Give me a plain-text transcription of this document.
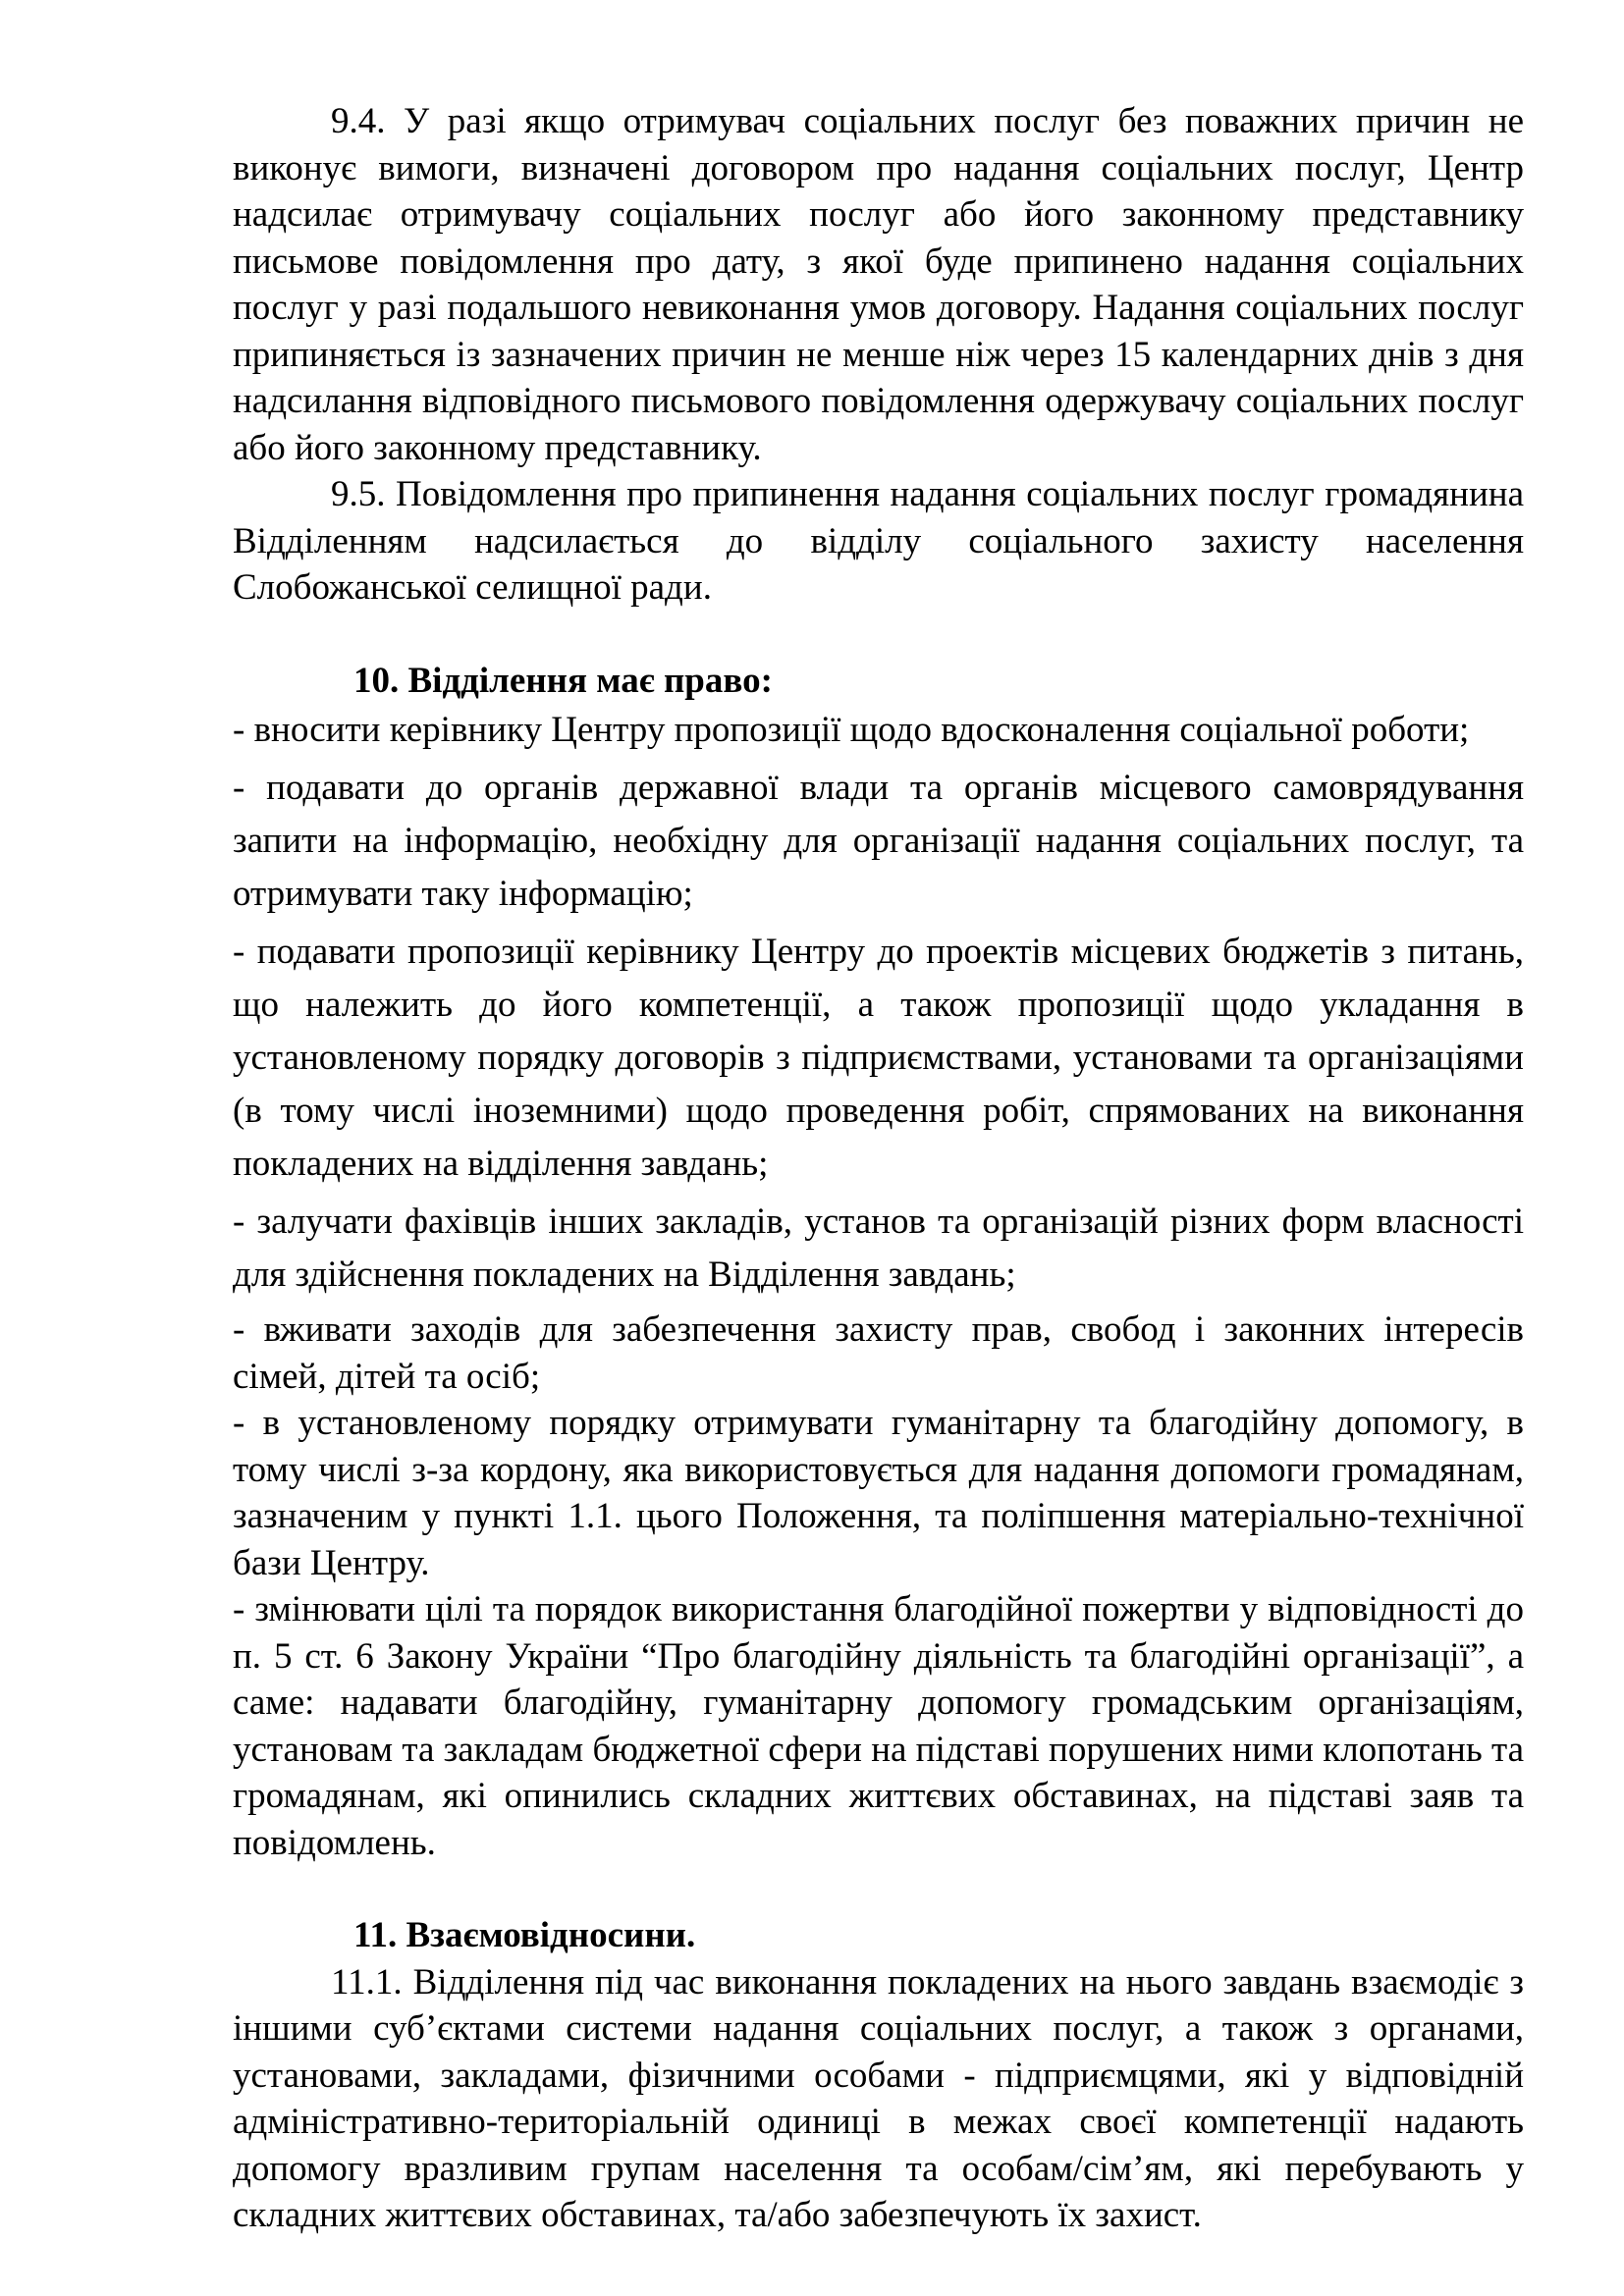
9.4. У разі якщо отримувач соціальних послуг без поважних причин не виконує вимоги, визначені договором про надання соціальних послуг, Центр надсилає отримувачу соціальних послуг або його законному представнику письмове повідомлення про дату, з якої буде припинено надання соціальних послуг у разі подальшого невиконання умов договору. Надання соціальних послуг припиняється із зазначених причин не менше ніж через 15 календарних днів з дня надсилання відповідного письмового повідомлення одержувачу соціальних послуг або його законному представнику.

9.5. Повідомлення про припинення надання соціальних послуг громадянина Відділенням надсилається до відділу соціального захисту населення Слобожанської селищної ради.

10. Відділення має право:

- вносити керівнику Центру пропозиції щодо вдосконалення соціальної роботи;

- подавати до органів державної влади та органів місцевого самоврядування запити на інформацію, необхідну для організації надання соціальних послуг, та отримувати таку інформацію;

- подавати пропозиції керівнику Центру до проектів місцевих бюджетів з питань, що належить до його компетенції, а також пропозиції щодо укладання в установленому порядку договорів з підприємствами, установами та організаціями (в тому числі іноземними) щодо проведення робіт, спрямованих на виконання покладених на відділення завдань;

- залучати фахівців інших закладів, установ та організацій різних форм власності для здійснення покладених на Відділення завдань;

- вживати заходів для забезпечення захисту прав, свобод і законних інтересів сімей, дітей та осіб;

- в установленому порядку отримувати гуманітарну та благодійну допомогу, в тому числі з-за кордону, яка використовується для надання допомоги громадянам, зазначеним у пункті 1.1. цього Положення, та поліпшення матеріально-технічної бази Центру.

- змінювати цілі та порядок використання благодійної пожертви у відповідності до п. 5 ст. 6 Закону України “Про благодійну діяльність та благодійні організації”, а саме: надавати благодійну, гуманітарну допомогу громадським організаціям, установам та закладам бюджетної сфери на підставі порушених ними клопотань та громадянам, які опинились складних життєвих обставинах, на підставі заяв та повідомлень.

11. Взаємовідносини.

11.1. Відділення під час виконання покладених на нього завдань взаємодіє з іншими суб’єктами системи надання соціальних послуг, а також з органами, установами, закладами, фізичними особами - підприємцями, які у відповідній адміністративно-територіальній одиниці в межах своєї компетенції надають допомогу вразливим групам населення та особам/сім’ям, які перебувають у складних життєвих обставинах, та/або забезпечують їх захист.
